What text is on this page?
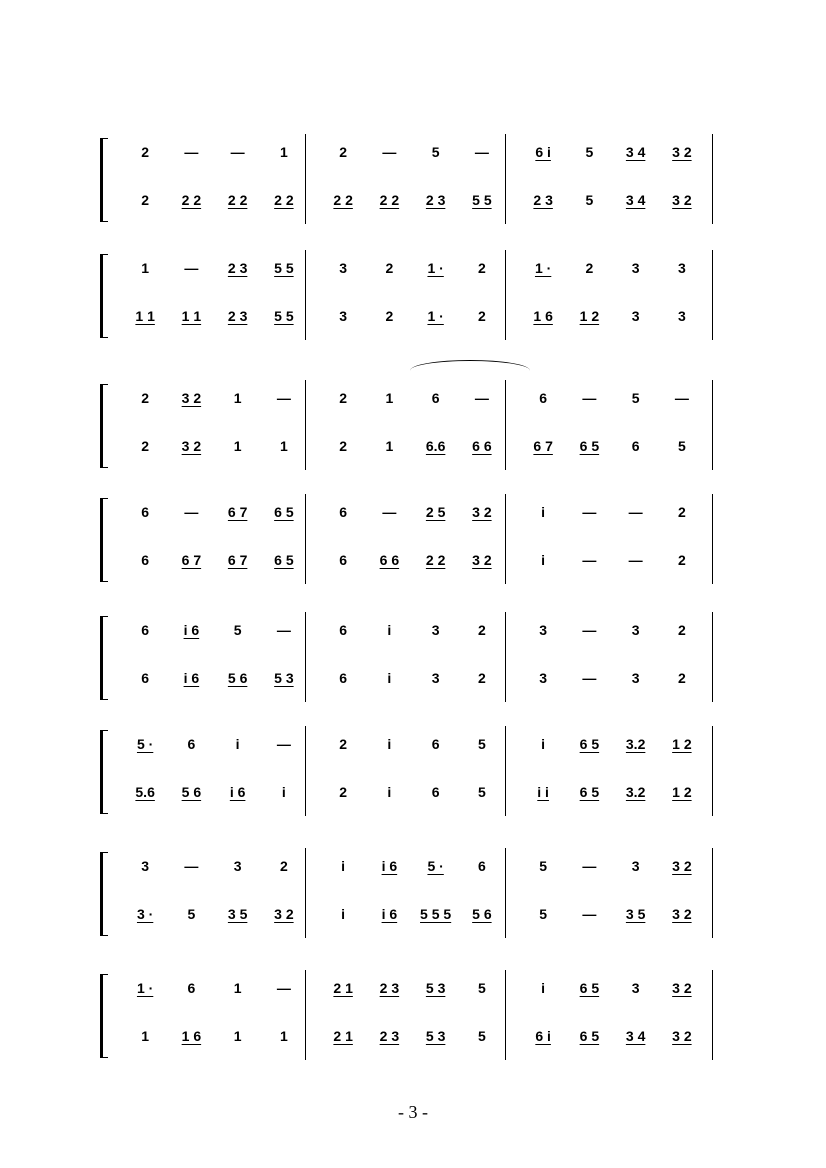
2	—	—	1	2	—	5	—	6 i	5	3 4	3 2
2	2 2	2 2	2 2	2 2	2 2	2 3	5 5	2 3	5	3 4	3 2
1	—	2 3	5 5	3	2	1 ·	2	1 ·	2	3	3
1 1	1 1	2 3	5 5	3	2	1 ·	2	1 6	1 2	3	3
2	3 2	1	—	2	1	6	—	6	—	5	—
2	3 2	1	1	2	1	6.6	6 6	6 7	6 5	6	5
6	—	6 7	6 5	6	—	2 5	3 2	i	—	—	2
6	6 7	6 7	6 5	6	6 6	2 2	3 2	i	—	—	2
6	i 6	5	—	6	i	3	2	3	—	3	2
6	i 6	5 6	5 3	6	i	3	2	3	—	3	2
5 ·	6	i	—	2	i	6	5	i	6 5	3.2	1 2
5.6	5 6	i 6	i	2	i	6	5	i i	6 5	3.2	1 2
3	—	3	2	i	i 6	5 ·	6	5	—	3	3 2
3 ·	5	3 5	3 2	i	i 6	5 5 5	5 6	5	—	3 5	3 2
1 ·	6	1	—	2 1	2 3	5 3	5	i	6 5	3	3 2
1	1 6	1	1	2 1	2 3	5 3	5	6 i	6 5	3 4	3 2
- 3 -
